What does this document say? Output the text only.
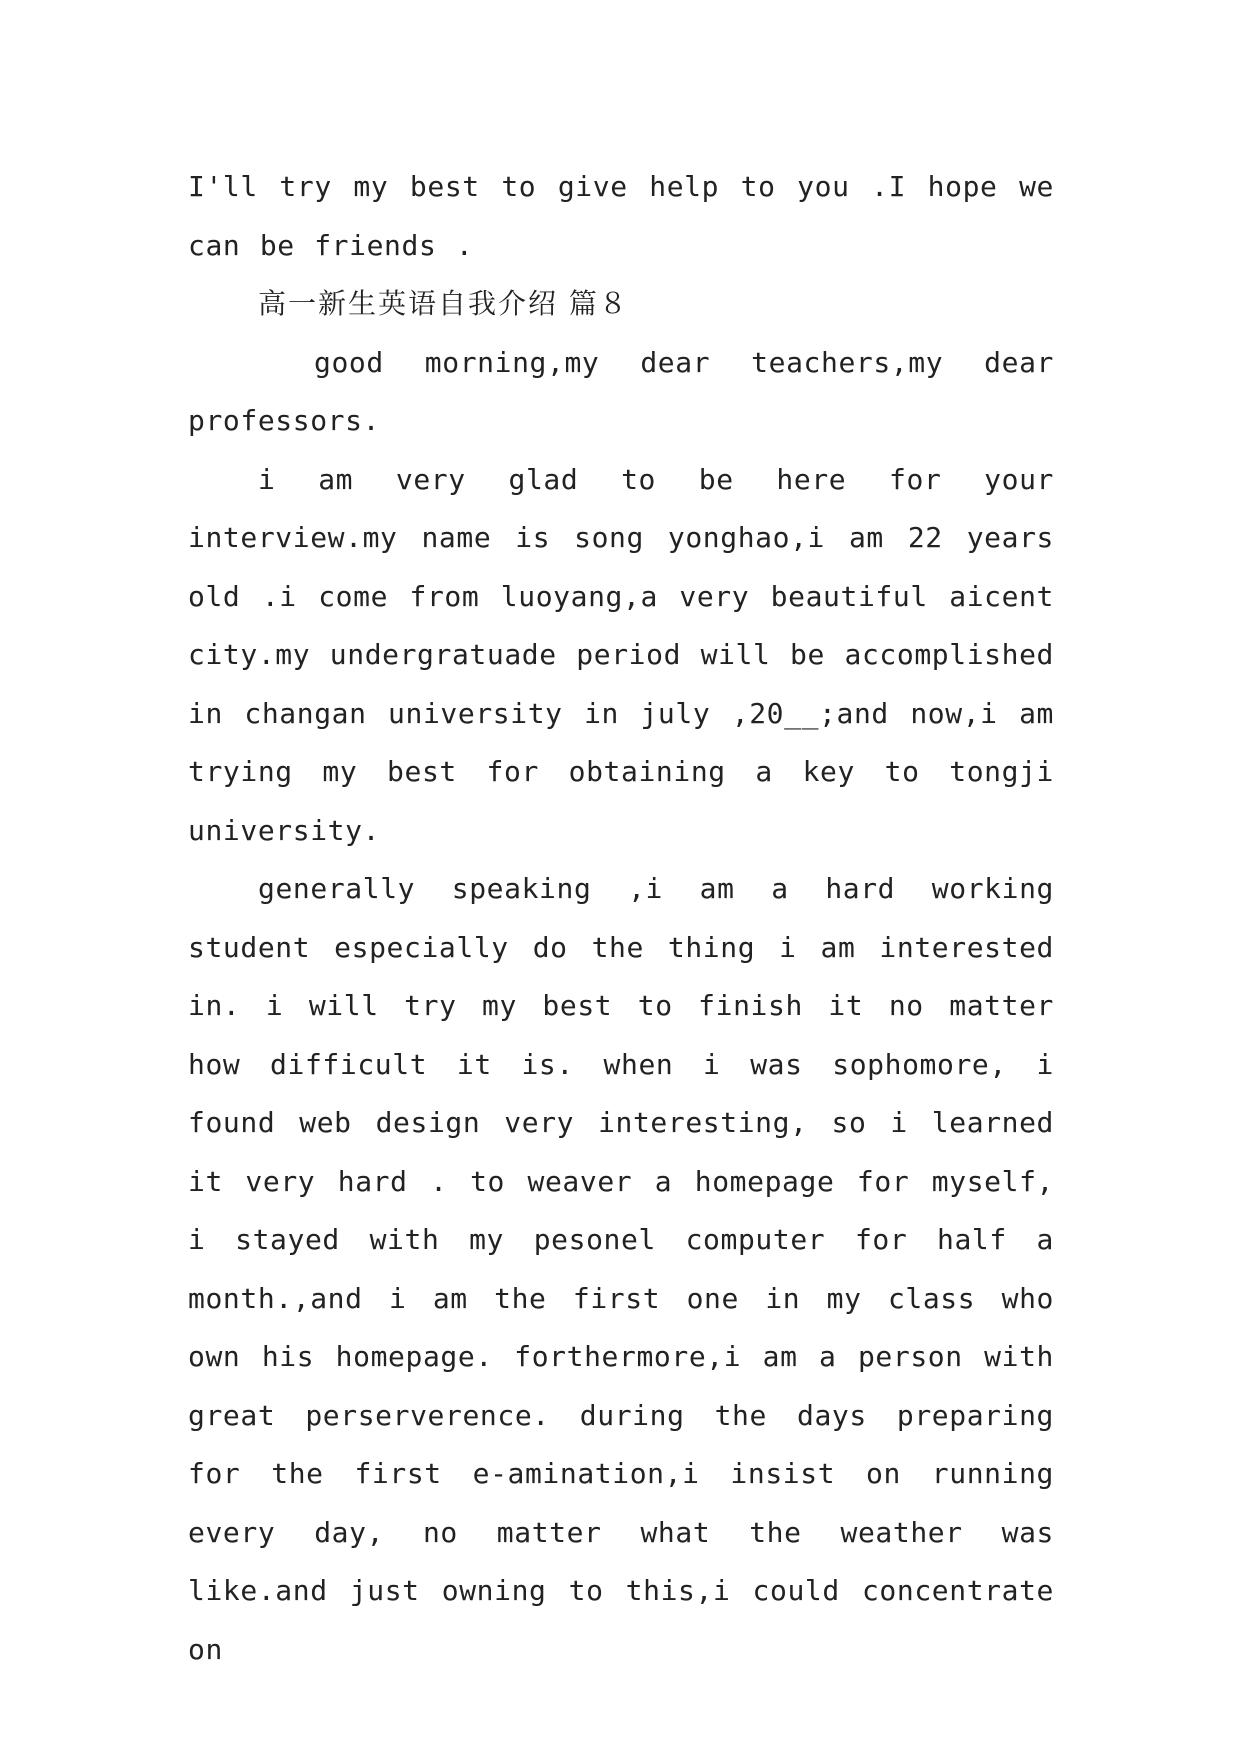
I'll try my best to give help to you .I hope we can be friends .

高一新生英语自我介绍 篇８

good morning,my dear teachers,my dear professors.

i am very glad to be here for your interview.my name is song yonghao,i am 22 years old .i come from luoyang,a very beautiful aicent city.my undergratuade period will be accomplished in changan university in july ,20__;and now,i am trying my best for obtaining a key to tongji university.

generally speaking ,i am a hard working student especially do the thing i am interested in. i will try my best to finish it no matter how difficult it is. when i was sophomore, i found web design very interesting, so i learned it very hard . to weaver a homepage for myself, i stayed with my pesonel computer for half a month.,and i am the first one in my class who own his homepage. forthermore,i am a person with great perserverence. during the days preparing for the first e-amination,i insist on running every day, no matter what the weather was like.and just owning to this,i could concentrate on
